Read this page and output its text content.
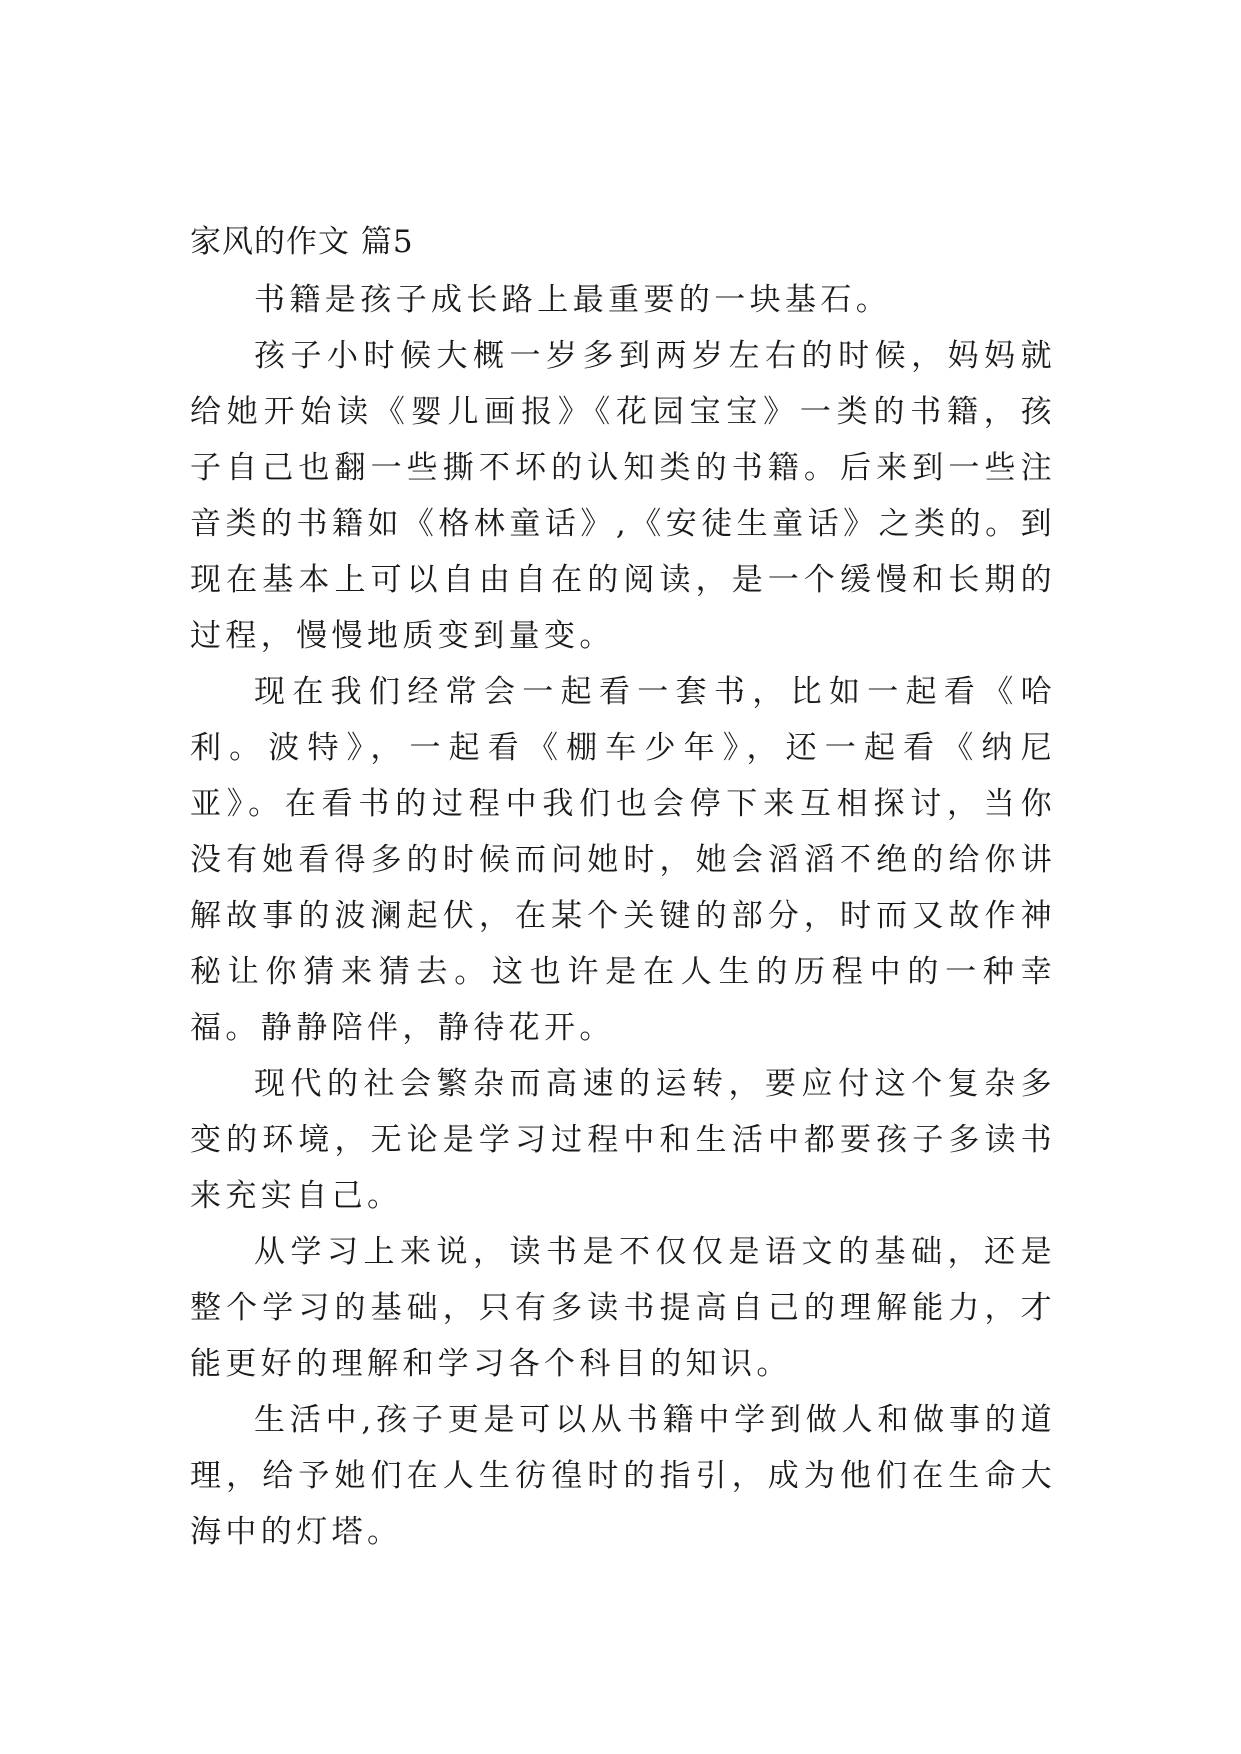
家风的作文 篇5

书籍是孩子成长路上最重要的一块基石。

孩子小时候大概一岁多到两岁左右的时候，妈妈就给她开始读《婴儿画报》《花园宝宝》一类的书籍，孩子自己也翻一些撕不坏的认知类的书籍。后来到一些注音类的书籍如《格林童话》,《安徒生童话》之类的。到现在基本上可以自由自在的阅读，是一个缓慢和长期的过程，慢慢地质变到量变。

现在我们经常会一起看一套书，比如一起看《哈利。波特》，一起看《棚车少年》，还一起看《纳尼亚》。在看书的过程中我们也会停下来互相探讨，当你没有她看得多的时候而问她时，她会滔滔不绝的给你讲解故事的波澜起伏，在某个关键的部分，时而又故作神秘让你猜来猜去。这也许是在人生的历程中的一种幸福。静静陪伴，静待花开。

现代的社会繁杂而高速的运转，要应付这个复杂多变的环境，无论是学习过程中和生活中都要孩子多读书来充实自己。

从学习上来说，读书是不仅仅是语文的基础，还是整个学习的基础，只有多读书提高自己的理解能力，才能更好的理解和学习各个科目的知识。

生活中,孩子更是可以从书籍中学到做人和做事的道理，给予她们在人生彷徨时的指引，成为他们在生命大海中的灯塔。
